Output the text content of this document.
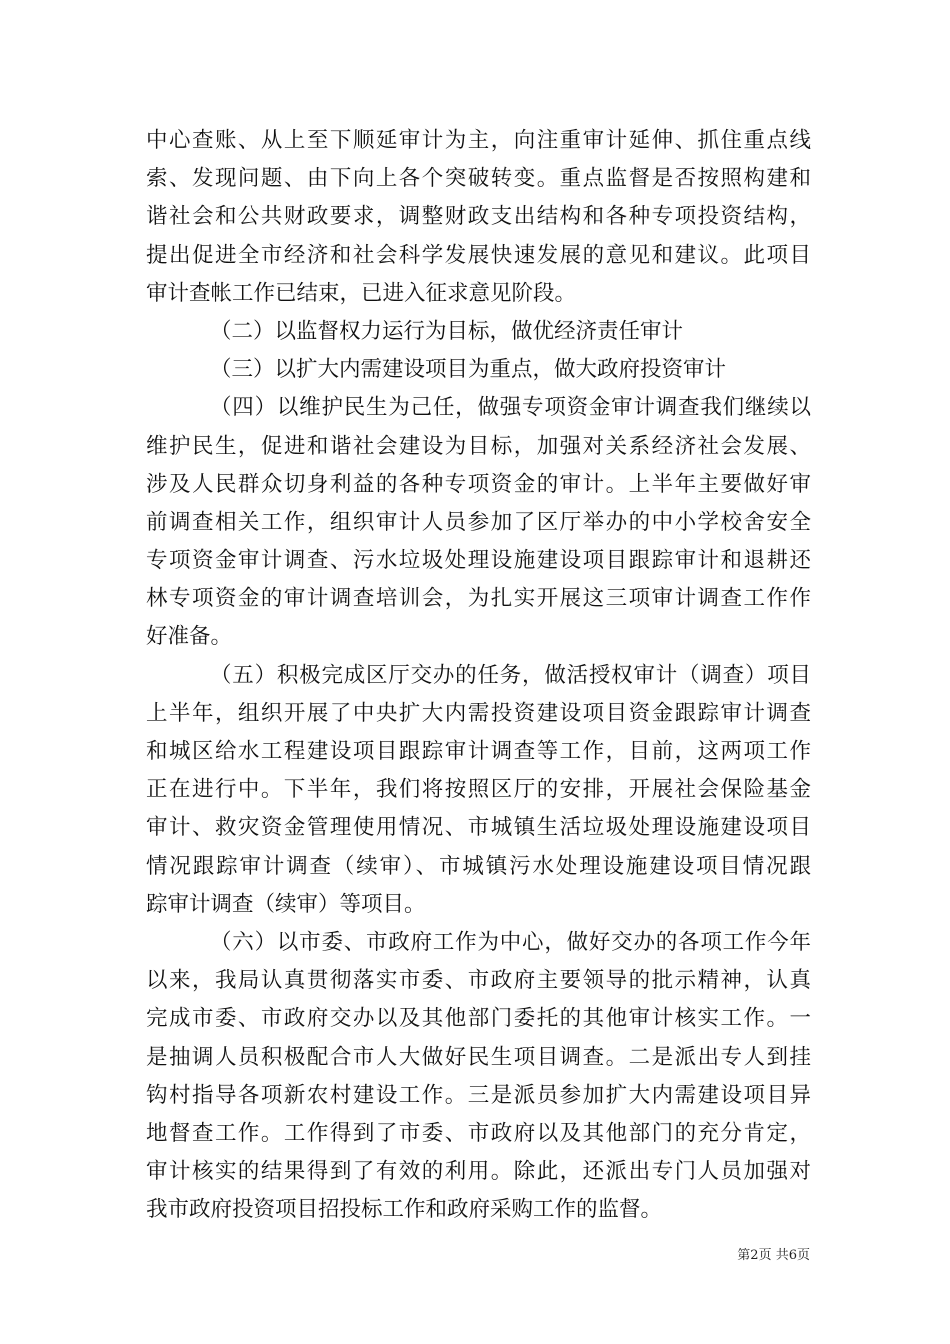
中心查账、从上至下顺延审计为主，向注重审计延伸、抓住重点线
索、发现问题、由下向上各个突破转变。重点监督是否按照构建和
谐社会和公共财政要求，调整财政支出结构和各种专项投资结构，
提出促进全市经济和社会科学发展快速发展的意见和建议。此项目
审计查帐工作已结束，已进入征求意见阶段。
（二）以监督权力运行为目标，做优经济责任审计
（三）以扩大内需建设项目为重点，做大政府投资审计
（四）以维护民生为己任，做强专项资金审计调查我们继续以
维护民生，促进和谐社会建设为目标，加强对关系经济社会发展、
涉及人民群众切身利益的各种专项资金的审计。上半年主要做好审
前调查相关工作，组织审计人员参加了区厅举办的中小学校舍安全
专项资金审计调查、污水垃圾处理设施建设项目跟踪审计和退耕还
林专项资金的审计调查培训会，为扎实开展这三项审计调查工作作
好准备。
（五）积极完成区厅交办的任务，做活授权审计（调查）项目
上半年，组织开展了中央扩大内需投资建设项目资金跟踪审计调查
和城区给水工程建设项目跟踪审计调查等工作，目前，这两项工作
正在进行中。下半年，我们将按照区厅的安排，开展社会保险基金
审计、救灾资金管理使用情况、市城镇生活垃圾处理设施建设项目
情况跟踪审计调查（续审）、市城镇污水处理设施建设项目情况跟
踪审计调查（续审）等项目。
（六）以市委、市政府工作为中心，做好交办的各项工作今年
以来，我局认真贯彻落实市委、市政府主要领导的批示精神，认真
完成市委、市政府交办以及其他部门委托的其他审计核实工作。一
是抽调人员积极配合市人大做好民生项目调查。二是派出专人到挂
钩村指导各项新农村建设工作。三是派员参加扩大内需建设项目异
地督查工作。工作得到了市委、市政府以及其他部门的充分肯定，
审计核实的结果得到了有效的利用。除此，还派出专门人员加强对
我市政府投资项目招投标工作和政府采购工作的监督。
第2页 共6页
